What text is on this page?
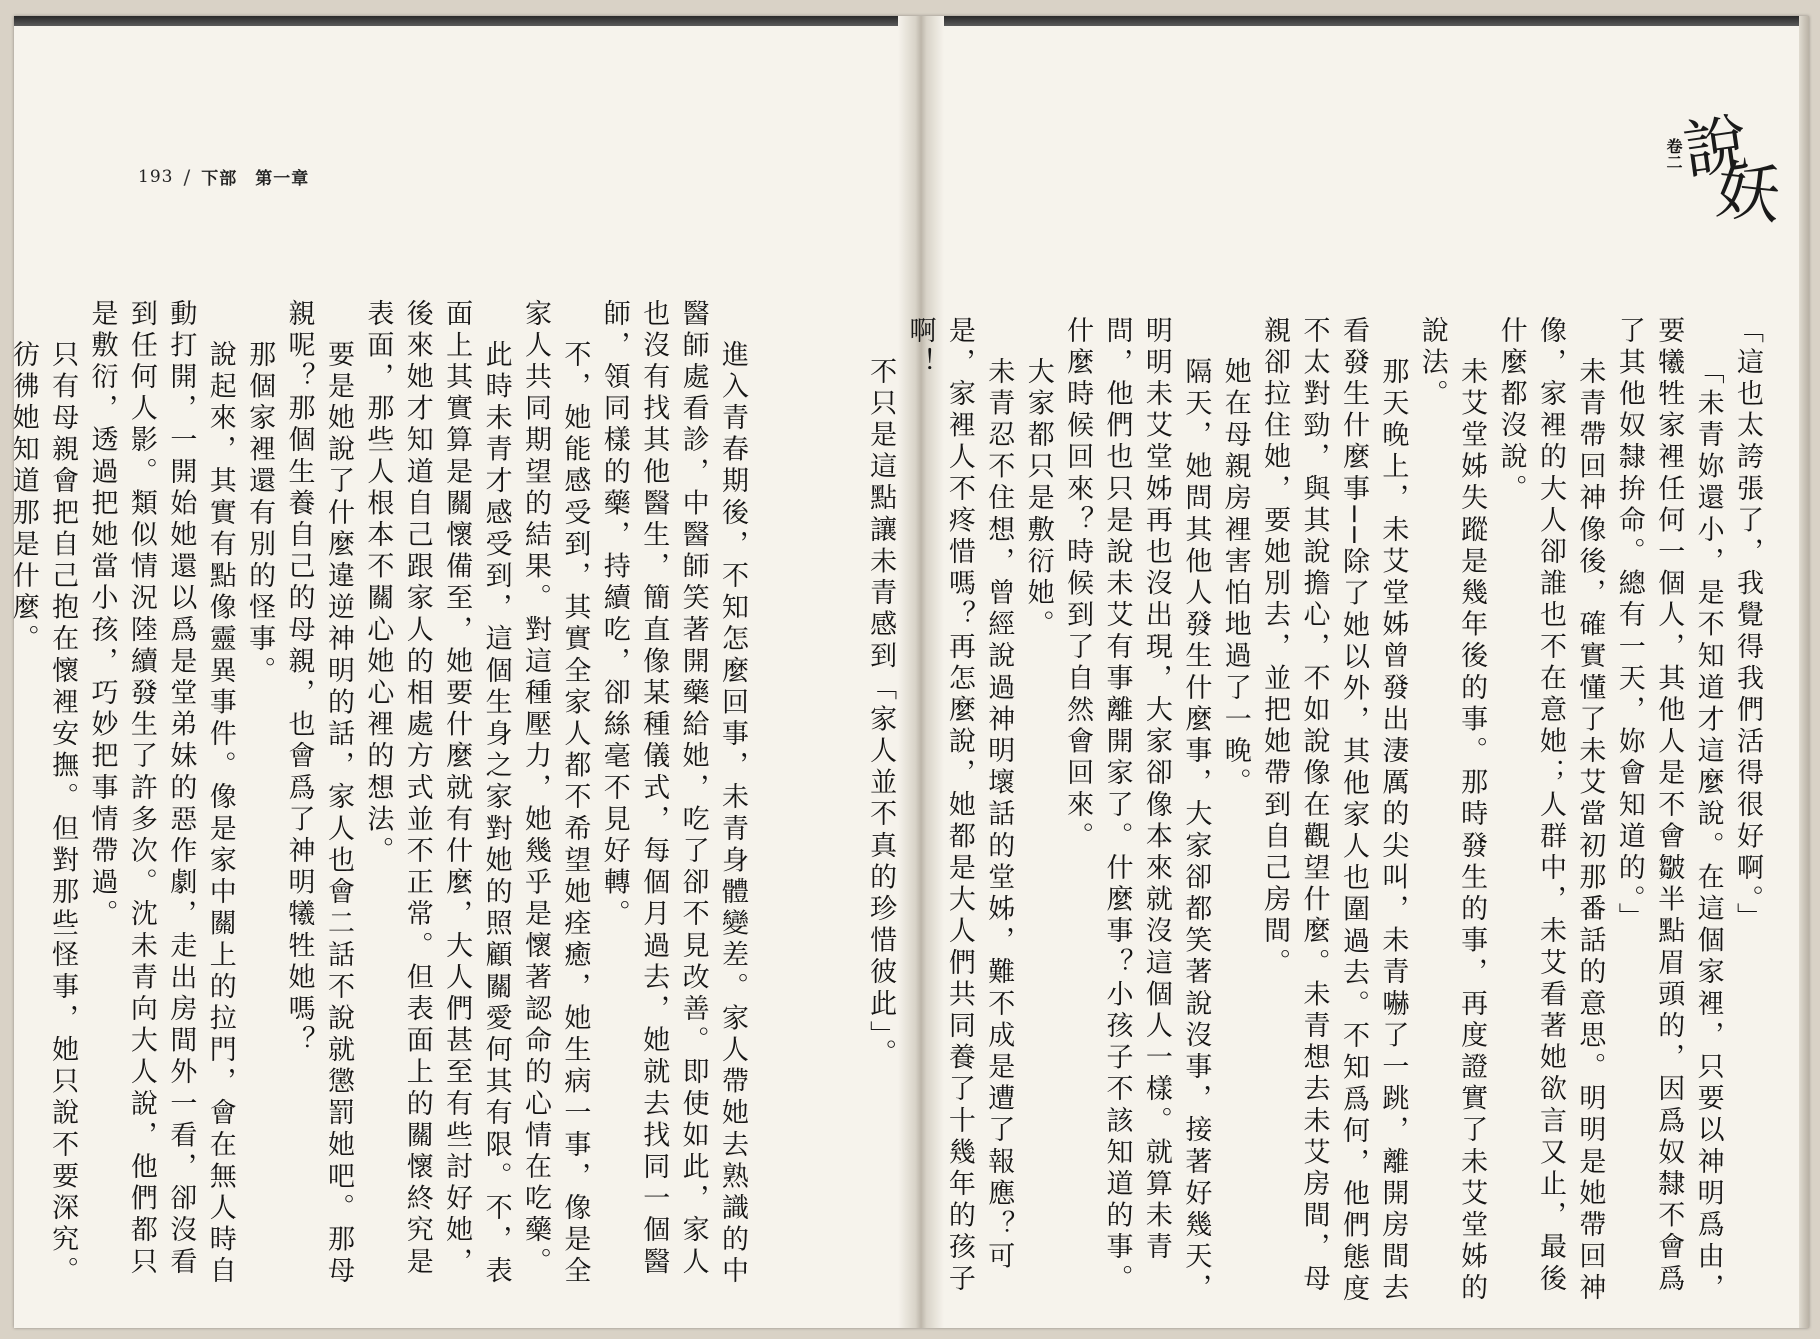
193 / 下部 第一章

進入青春期後，不知怎麼回事，未青身體變差。家人帶她去熟識的中醫師處看診，中醫師笑著開藥給她，吃了卻不見改善。即使如此，家人也沒有找其他醫生，簡直像某種儀式，每個月過去，她就去找同一個醫師，領同樣的藥，持續吃，卻絲毫不見好轉。

不，她能感受到，其實全家人都不希望她痊癒，她生病一事，像是全家人共同期望的結果。對這種壓力，她幾乎是懷著認命的心情在吃藥。

此時未青才感受到，這個生身之家對她的照顧關愛何其有限。不，表面上其實算是關懷備至，她要什麼就有什麼，大人們甚至有些討好她，後來她才知道自己跟家人的相處方式並不正常。但表面上的關懷終究是表面，那些人根本不關心她心裡的想法。

要是她說了什麼違逆神明的話，家人也會二話不說就懲罰她吧。那母親呢？那個生養自己的母親，也會爲了神明犧牲她嗎？

那個家裡還有別的怪事。

說起來，其實有點像靈異事件。像是家中關上的拉門，會在無人時自動打開，一開始她還以爲是堂弟妹的惡作劇，走出房間外一看，卻沒看到任何人影。類似情況陸續發生了許多次。沈未青向大人說，他們都只是敷衍，透過把她當小孩，巧妙把事情帶過。

只有母親會把自己抱在懷裡安撫。但對那些怪事，她只說不要深究。

彷彿她知道那是什麼。

卷二
說
妖

「這也太誇張了，我覺得我們活得很好啊。」

「未青妳還小，是不知道才這麼說。在這個家裡，只要以神明爲由，要犧牲家裡任何一個人，其他人是不會皺半點眉頭的，因爲奴隸不會爲了其他奴隸拚命。總有一天，妳會知道的。」

未青帶回神像後，確實懂了未艾當初那番話的意思。明明是她帶回神像，家裡的大人卻誰也不在意她；人群中，未艾看著她欲言又止，最後什麼都沒說。

未艾堂姊失蹤是幾年後的事。那時發生的事，再度證實了未艾堂姊的說法。

那天晚上，未艾堂姊曾發出淒厲的尖叫，未青嚇了一跳，離開房間去看發生什麼事──除了她以外，其他家人也圍過去。不知爲何，他們態度不太對勁，與其說擔心，不如說像在觀望什麼。未青想去未艾房間，母親卻拉住她，要她別去，並把她帶到自己房間。

她在母親房裡害怕地過了一晚。

隔天，她問其他人發生什麼事，大家卻都笑著說沒事，接著好幾天，明明未艾堂姊再也沒出現，大家卻像本來就沒這個人一樣。就算未青問，他們也只是說未艾有事離開家了。什麼事？小孩子不該知道的事。什麼時候回來？時候到了自然會回來。

大家都只是敷衍她。

未青忍不住想，曾經說過神明壞話的堂姊，難不成是遭了報應？可是，家裡人不疼惜嗎？再怎麼說，她都是大人們共同養了十幾年的孩子啊！

不只是這點讓未青感到「家人並不真的珍惜彼此」。
